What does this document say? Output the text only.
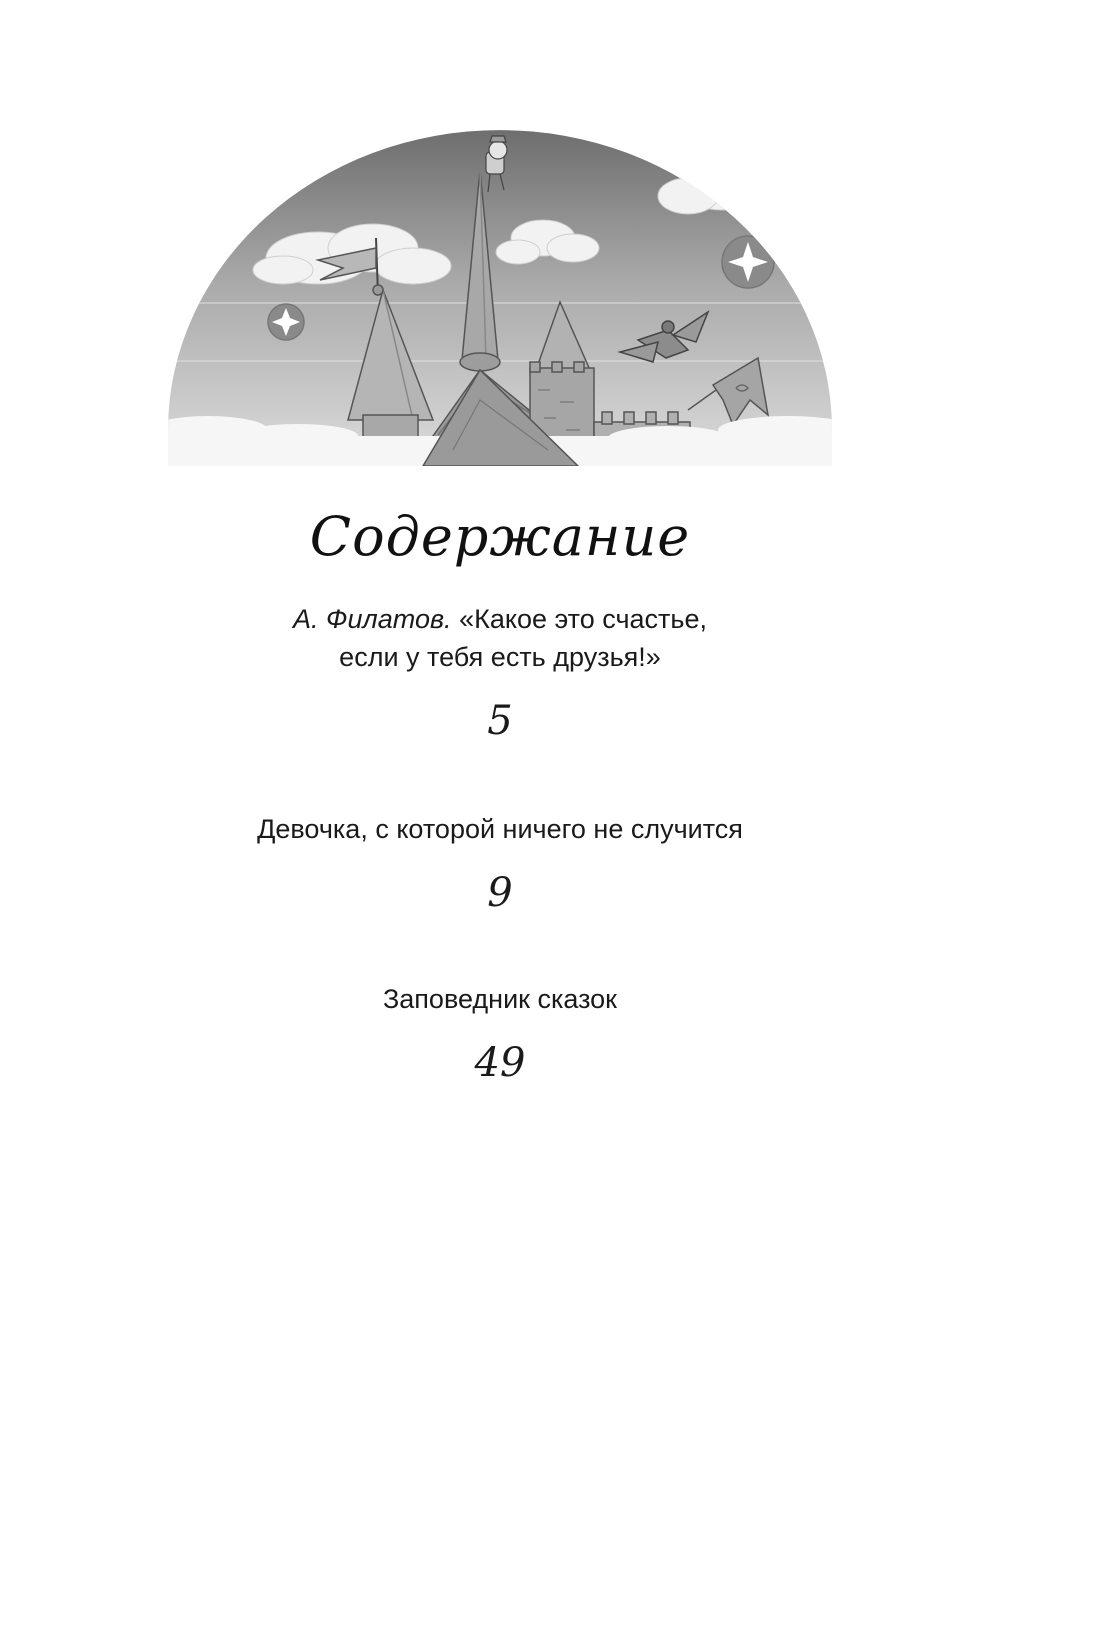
Содержание
А. Филатов. «Какое это счастье,
если у тебя есть друзья!»
5
Девочка, с которой ничего не случится
9
Заповедник сказок
49
